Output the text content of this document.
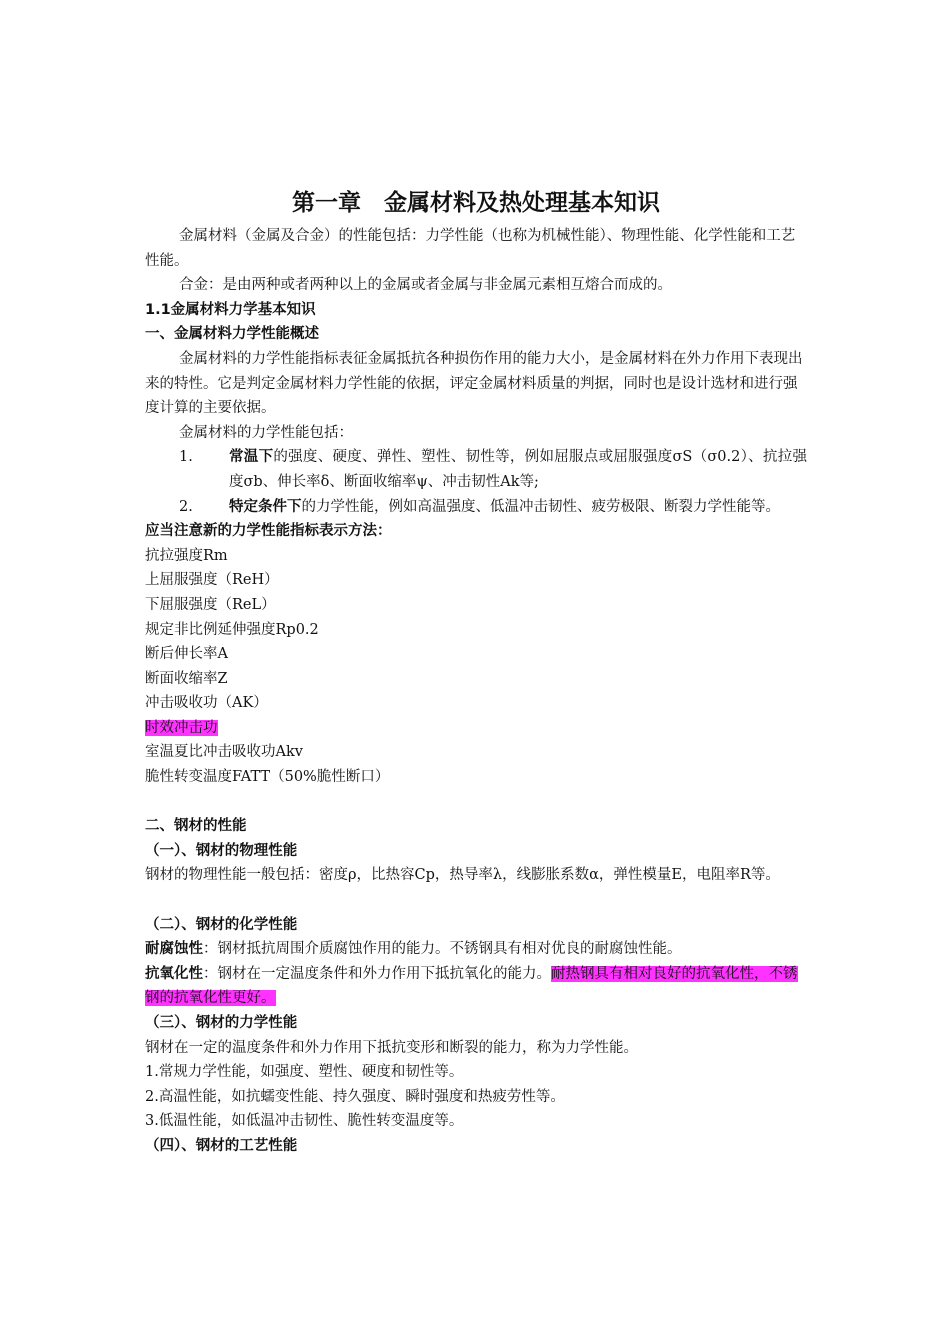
第一章　金属材料及热处理基本知识

金属材料（金属及合金）的性能包括：力学性能（也称为机械性能）、物理性能、化学性能和工艺性能。

合金：是由两种或者两种以上的金属或者金属与非金属元素相互熔合而成的。

1.1金属材料力学基本知识

一、金属材料力学性能概述

金属材料的力学性能指标表征金属抵抗各种损伤作用的能力大小，是金属材料在外力作用下表现出来的特性。它是判定金属材料力学性能的依据，评定金属材料质量的判据，同时也是设计选材和进行强度计算的主要依据。

金属材料的力学性能包括：

1.	常温下的强度、硬度、弹性、塑性、韧性等，例如屈服点或屈服强度σS（σ0.2）、抗拉强度σb、伸长率δ、断面收缩率ψ、冲击韧性Ak等;
2.	特定条件下的力学性能，例如高温强度、低温冲击韧性、疲劳极限、断裂力学性能等。

应当注意新的力学性能指标表示方法：

抗拉强度Rm

上屈服强度（ReH）

下屈服强度（ReL）

规定非比例延伸强度Rp0.2

断后伸长率A

断面收缩率Z

冲击吸收功（AK）

时效冲击功

室温夏比冲击吸收功Akv

脆性转变温度FATT（50%脆性断口）

二、钢材的性能

（一）、钢材的物理性能

钢材的物理性能一般包括：密度ρ，比热容Cp，热导率λ，线膨胀系数α，弹性模量E，电阻率R等。

（二）、钢材的化学性能

耐腐蚀性：钢材抵抗周围介质腐蚀作用的能力。不锈钢具有相对优良的耐腐蚀性能。

抗氧化性：钢材在一定温度条件和外力作用下抵抗氧化的能力。耐热钢具有相对良好的抗氧化性，不锈钢的抗氧化性更好。

（三）、钢材的力学性能

钢材在一定的温度条件和外力作用下抵抗变形和断裂的能力，称为力学性能。

1.常规力学性能，如强度、塑性、硬度和韧性等。

2.高温性能，如抗蠕变性能、持久强度、瞬时强度和热疲劳性等。

3.低温性能，如低温冲击韧性、脆性转变温度等。

（四）、钢材的工艺性能
